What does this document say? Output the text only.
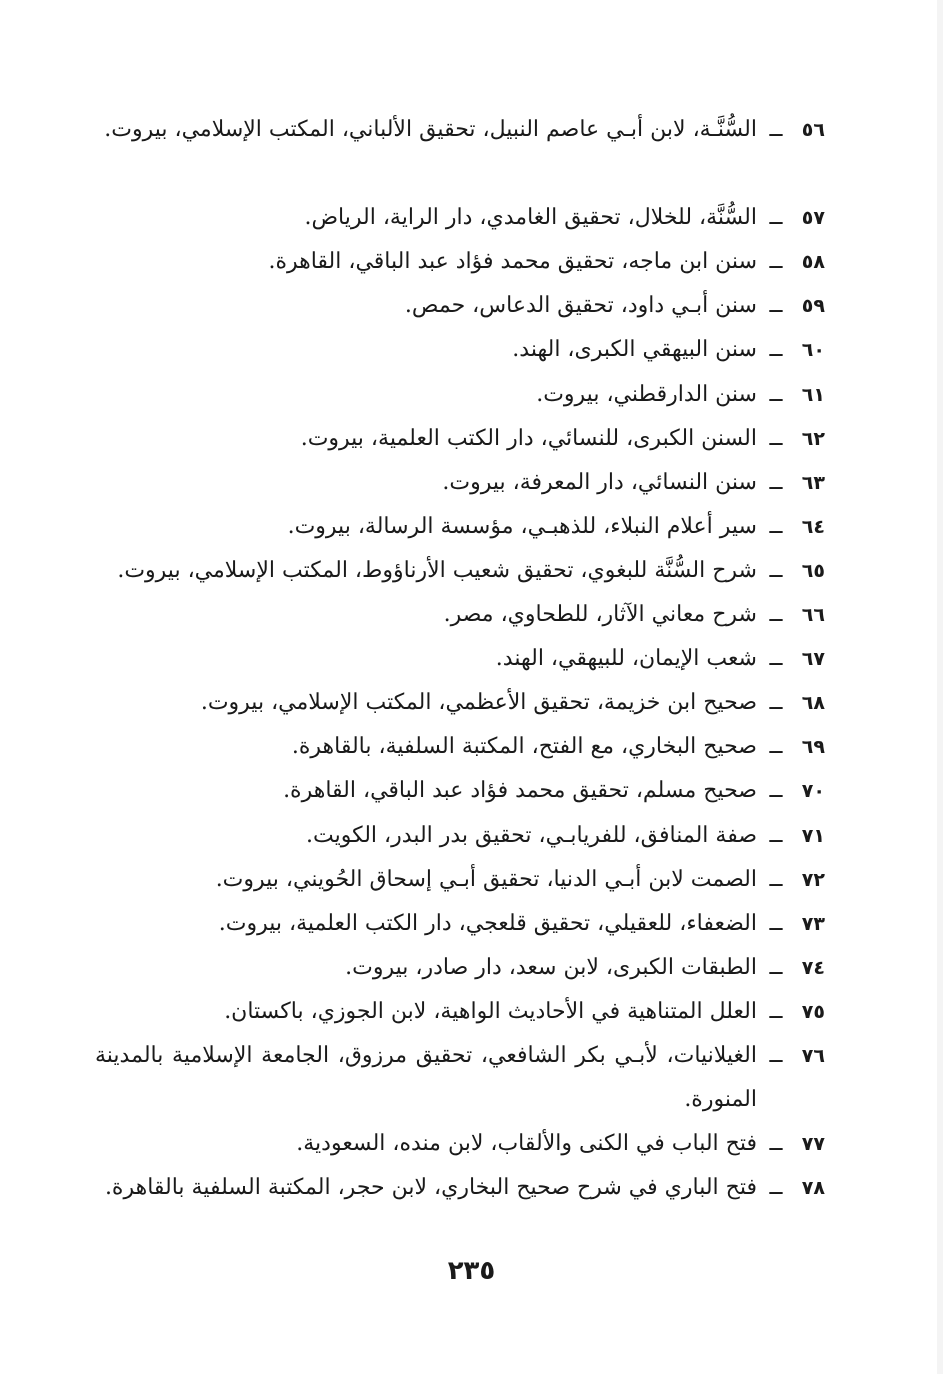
٥٦
ــ
السُّنَّـة، لابن أبـي عاصم النبيل، تحقيق الألباني، المكتب الإسلامي، بيروت.
٥٧
ــ
السُّنَّة، للخلال، تحقيق الغامدي، دار الراية، الرياض.
٥٨
ــ
سنن ابن ماجه، تحقيق محمد فؤاد عبد الباقي، القاهرة.
٥٩
ــ
سنن أبـي داود، تحقيق الدعاس، حمص.
٦٠
ــ
سنن البيهقي الكبرى، الهند.
٦١
ــ
سنن الدارقطني، بيروت.
٦٢
ــ
السنن الكبرى، للنسائي، دار الكتب العلمية، بيروت.
٦٣
ــ
سنن النسائي، دار المعرفة، بيروت.
٦٤
ــ
سير أعلام النبلاء، للذهبـي، مؤسسة الرسالة، بيروت.
٦٥
ــ
شرح السُّنَّة للبغوي، تحقيق شعيب الأرناؤوط، المكتب الإسلامي، بيروت.
٦٦
ــ
شرح معاني الآثار، للطحاوي، مصر.
٦٧
ــ
شعب الإيمان، للبيهقي، الهند.
٦٨
ــ
صحيح ابن خزيمة، تحقيق الأعظمي، المكتب الإسلامي، بيروت.
٦٩
ــ
صحيح البخاري، مع الفتح، المكتبة السلفية، بالقاهرة.
٧٠
ــ
صحيح مسلم، تحقيق محمد فؤاد عبد الباقي، القاهرة.
٧١
ــ
صفة المنافق، للفريابـي، تحقيق بدر البدر، الكويت.
٧٢
ــ
الصمت لابن أبـي الدنيا، تحقيق أبـي إسحاق الحُويني، بيروت.
٧٣
ــ
الضعفاء، للعقيلي، تحقيق قلعجي، دار الكتب العلمية، بيروت.
٧٤
ــ
الطبقات الكبرى، لابن سعد، دار صادر، بيروت.
٧٥
ــ
العلل المتناهية في الأحاديث الواهية، لابن الجوزي، باكستان.
٧٦
ــ
الغيلانيات، لأبـي بكر الشافعي، تحقيق مرزوق، الجامعة الإسلامية بالمدينة المنورة.
٧٧
ــ
فتح الباب في الكنى والألقاب، لابن منده، السعودية.
٧٨
ــ
فتح الباري في شرح صحيح البخاري، لابن حجر، المكتبة السلفية بالقاهرة.
٢٣٥
